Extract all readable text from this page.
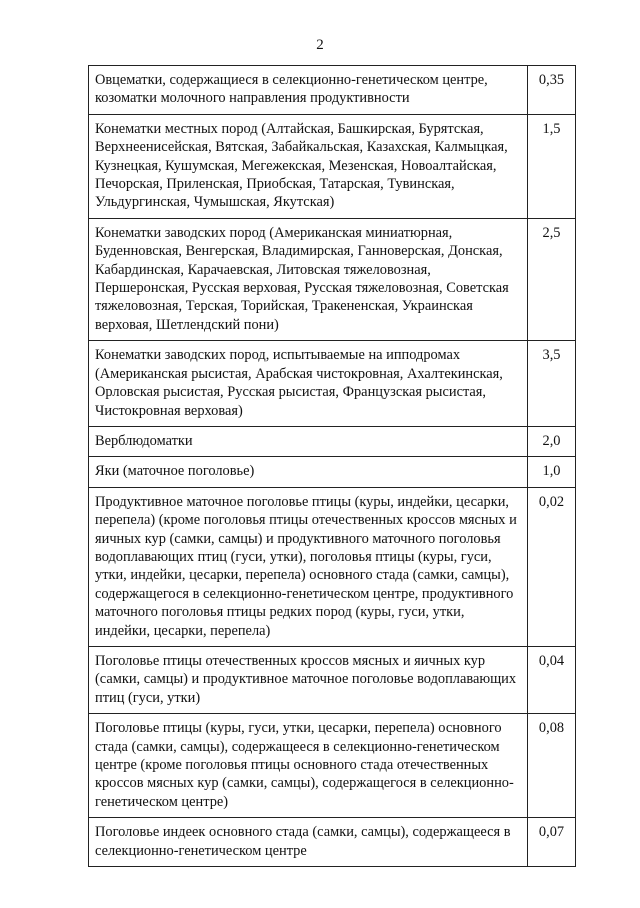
2
Овцематки, содержащиеся в селекционно-генетическом центре, козоматки молочного направления продуктивности	0,35
Конематки местных пород (Алтайская, Башкирская, Бурятская, Верхнеенисейская, Вятская, Забайкальская, Казахская, Калмыцкая, Кузнецкая, Кушумская, Мегежекская, Мезенская, Новоалтайская, Печорская, Приленская, Приобская, Татарская, Тувинская, Ульдургинская, Чумышская, Якутская)	1,5
Конематки заводских пород (Американская миниатюрная, Буденновская, Венгерская, Владимирская, Ганноверская, Донская, Кабардинская, Карачаевская, Литовская тяжеловозная, Першеронская, Русская верховая, Русская тяжеловозная, Советская тяжеловозная, Терская, Торийская, Тракененская, Украинская верховая, Шетлендский пони)	2,5
Конематки заводских пород, испытываемые на ипподромах (Американская рысистая, Арабская чистокровная, Ахалтекинская, Орловская рысистая, Русская рысистая, Французская рысистая, Чистокровная верховая)	3,5
Верблюдоматки	2,0
Яки (маточное поголовье)	1,0
Продуктивное маточное поголовье птицы (куры, индейки, цесарки, перепела) (кроме поголовья птицы отечественных кроссов мясных и яичных кур (самки, самцы) и продуктивного маточного поголовья водоплавающих птиц (гуси, утки), поголовья птицы (куры, гуси, утки, индейки, цесарки, перепела) основного стада (самки, самцы), содержащегося в селекционно-генетическом центре, продуктивного маточного поголовья птицы редких пород (куры, гуси, утки, индейки, цесарки, перепела)	0,02
Поголовье птицы отечественных кроссов мясных и яичных кур (самки, самцы) и продуктивное маточное поголовье водоплавающих птиц (гуси, утки)	0,04
Поголовье птицы (куры, гуси, утки, цесарки, перепела) основного стада (самки, самцы), содержащееся в селекционно-генетическом центре (кроме поголовья птицы основного стада отечественных кроссов мясных кур (самки, самцы), содержащегося в селекционно-генетическом центре)	0,08
Поголовье индеек основного стада (самки, самцы), содержащееся в селекционно-генетическом центре	0,07
